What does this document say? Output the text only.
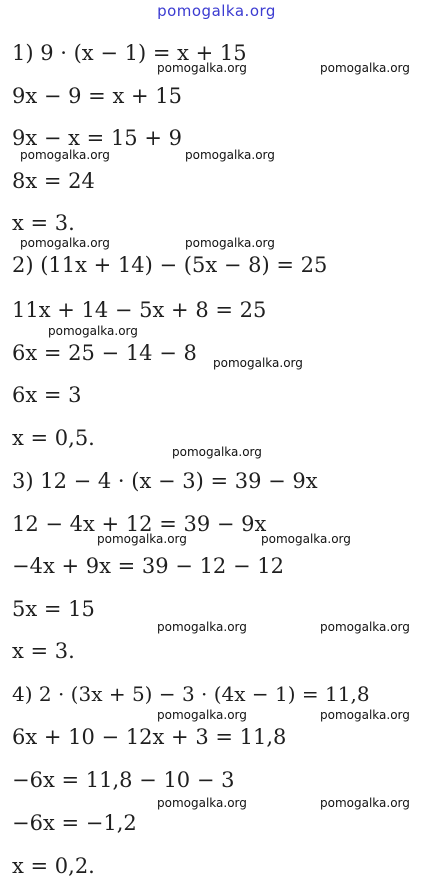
pomogalka.org
1) 9 · (x − 1) = x + 15
9x − 9 = x + 15
9x − x = 15 + 9
8x = 24
x = 3.
2) (11x + 14) − (5x − 8) = 25
11x + 14 − 5x + 8 = 25
6x = 25 − 14 − 8
6x = 3
x = 0,5.
3) 12 − 4 · (x − 3) = 39 − 9x
12 − 4x + 12 = 39 − 9x
−4x + 9x = 39 − 12 − 12
5x = 15
x = 3.
4) 2 · (3x + 5) − 3 · (4x − 1) = 11,8
6x + 10 − 12x + 3 = 11,8
−6x = 11,8 − 10 − 3
−6x = −1,2
x = 0,2.
pomogalka.org	pomogalka.org
pomogalka.org	pomogalka.org
pomogalka.org	pomogalka.org
pomogalka.org
pomogalka.org
pomogalka.org
pomogalka.org	pomogalka.org
pomogalka.org	pomogalka.org
pomogalka.org	pomogalka.org
pomogalka.org	pomogalka.org
